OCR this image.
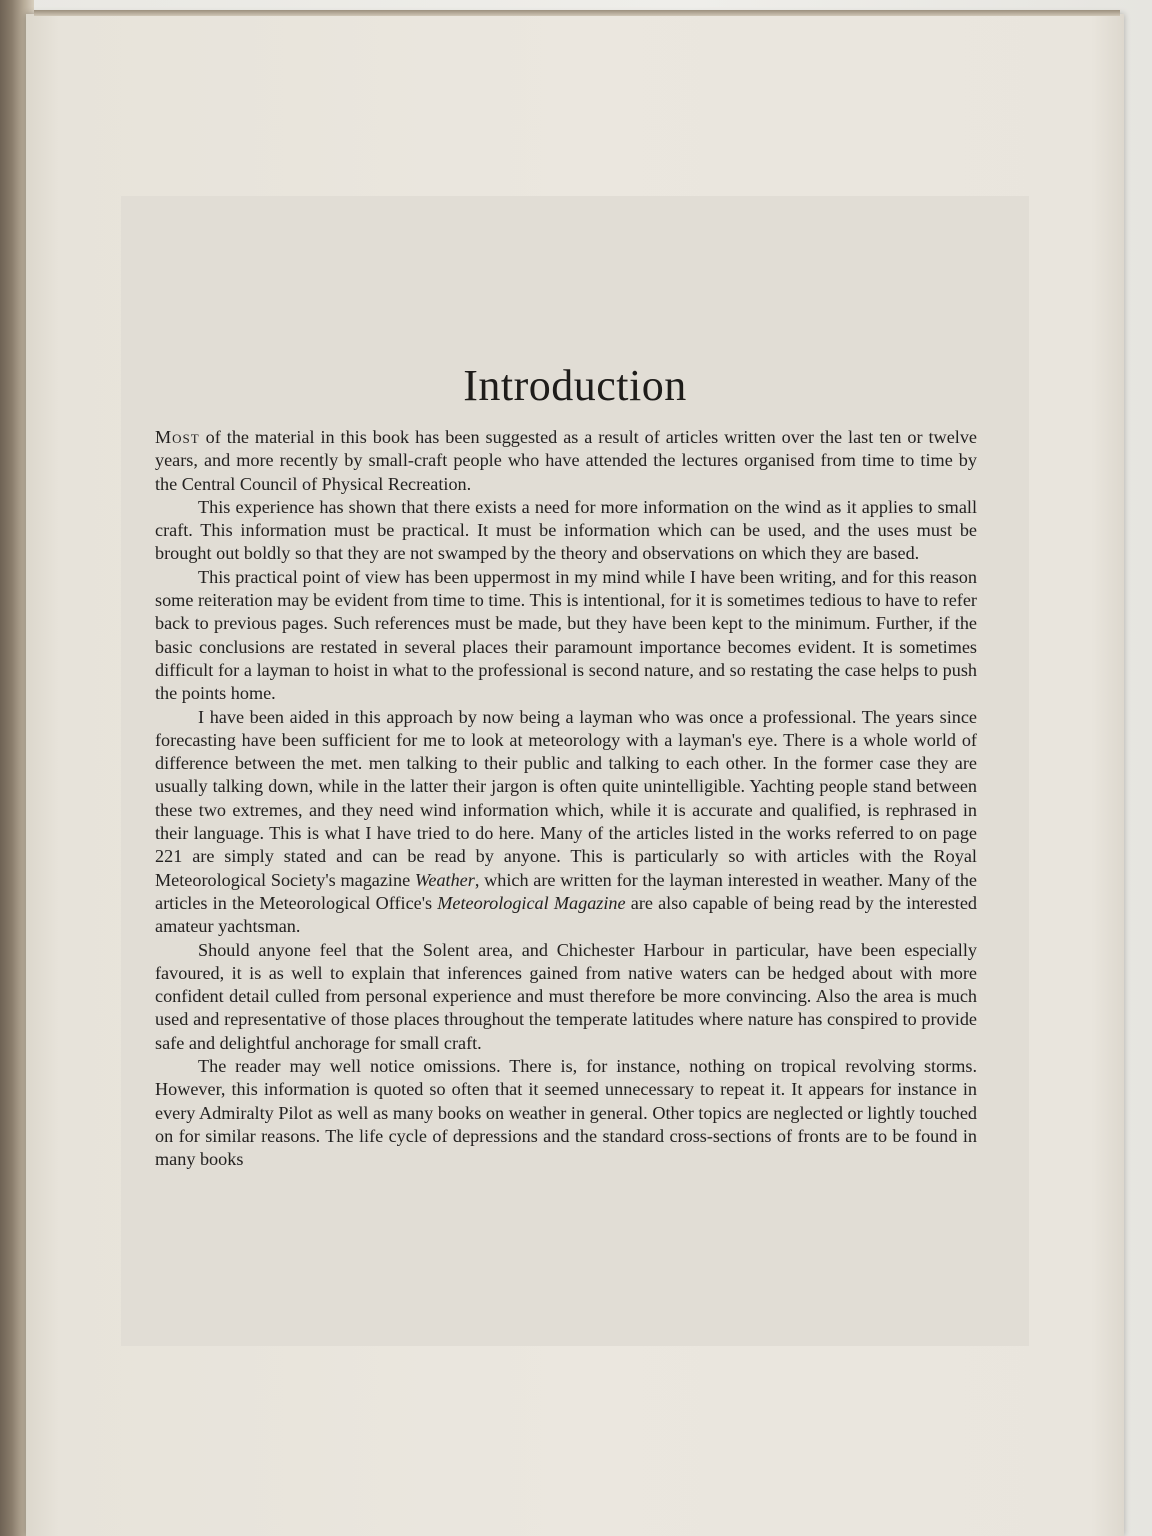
Introduction

Most of the material in this book has been suggested as a result of articles written over the last ten or twelve years, and more recently by small-craft people who have attended the lectures organised from time to time by the Central Council of Physical Recreation.

This experience has shown that there exists a need for more information on the wind as it applies to small craft. This information must be practical. It must be information which can be used, and the uses must be brought out boldly so that they are not swamped by the theory and observations on which they are based.

This practical point of view has been uppermost in my mind while I have been writing, and for this reason some reiteration may be evident from time to time. This is intentional, for it is sometimes tedious to have to refer back to previous pages. Such references must be made, but they have been kept to the minimum. Further, if the basic conclusions are restated in several places their paramount importance becomes evident. It is sometimes difficult for a layman to hoist in what to the professional is second nature, and so restating the case helps to push the points home.

I have been aided in this approach by now being a layman who was once a professional. The years since forecasting have been sufficient for me to look at meteorology with a layman's eye. There is a whole world of difference between the met. men talking to their public and talking to each other. In the former case they are usually talking down, while in the latter their jargon is often quite unintelligible. Yachting people stand between these two extremes, and they need wind information which, while it is accurate and qualified, is rephrased in their language. This is what I have tried to do here. Many of the articles listed in the works referred to on page 221 are simply stated and can be read by anyone. This is particularly so with articles with the Royal Meteorological Society's magazine Weather, which are written for the layman interested in weather. Many of the articles in the Meteorological Office's Meteorological Magazine are also capable of being read by the interested amateur yachtsman.

Should anyone feel that the Solent area, and Chichester Harbour in particular, have been especially favoured, it is as well to explain that inferences gained from native waters can be hedged about with more confident detail culled from personal experience and must therefore be more convincing. Also the area is much used and representative of those places throughout the temperate latitudes where nature has conspired to provide safe and delightful anchorage for small craft.

The reader may well notice omissions. There is, for instance, nothing on tropical revolving storms. However, this information is quoted so often that it seemed unnecessary to repeat it. It appears for instance in every Admiralty Pilot as well as many books on weather in general. Other topics are neglected or lightly touched on for similar reasons. The life cycle of depressions and the standard cross-sections of fronts are to be found in many books
